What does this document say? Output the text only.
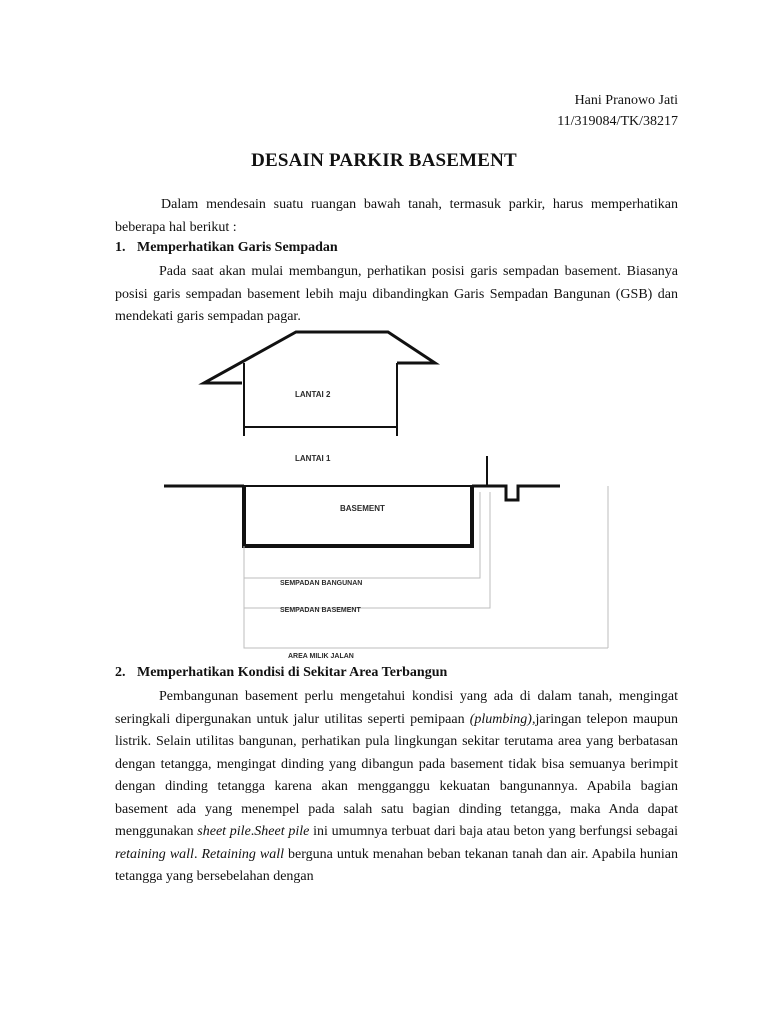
Hani Pranowo Jati
11/319084/TK/38217
DESAIN PARKIR BASEMENT

Dalam mendesain suatu ruangan bawah tanah, termasuk parkir, harus memperhatikan beberapa hal berikut :

1. Memperhatikan Garis Sempadan

Pada saat akan mulai membangun, perhatikan posisi garis sempadan basement. Biasanya posisi garis sempadan basement lebih maju dibandingkan Garis Sempadan Bangunan (GSB) dan mendekati garis sempadan pagar.

LANTAI 2
LANTAI 1
BASEMENT
SEMPADAN BANGUNAN
SEMPADAN BASEMENT
AREA MILIK JALAN

2. Memperhatikan Kondisi di Sekitar Area Terbangun

Pembangunan basement perlu mengetahui kondisi yang ada di dalam tanah, mengingat seringkali dipergunakan untuk jalur utilitas seperti pemipaan (plumbing),jaringan telepon maupun listrik. Selain utilitas bangunan, perhatikan pula lingkungan sekitar terutama area yang berbatasan dengan tetangga, mengingat dinding yang dibangun pada basement tidak bisa semuanya berimpit dengan dinding tetangga karena akan mengganggu kekuatan bangunannya. Apabila bagian basement ada yang menempel pada salah satu bagian dinding tetangga, maka Anda dapat menggunakan sheet pile.Sheet pile ini umumnya terbuat dari baja atau beton yang berfungsi sebagai retaining wall. Retaining wall berguna untuk menahan beban tekanan tanah dan air. Apabila hunian tetangga yang bersebelahan dengan
